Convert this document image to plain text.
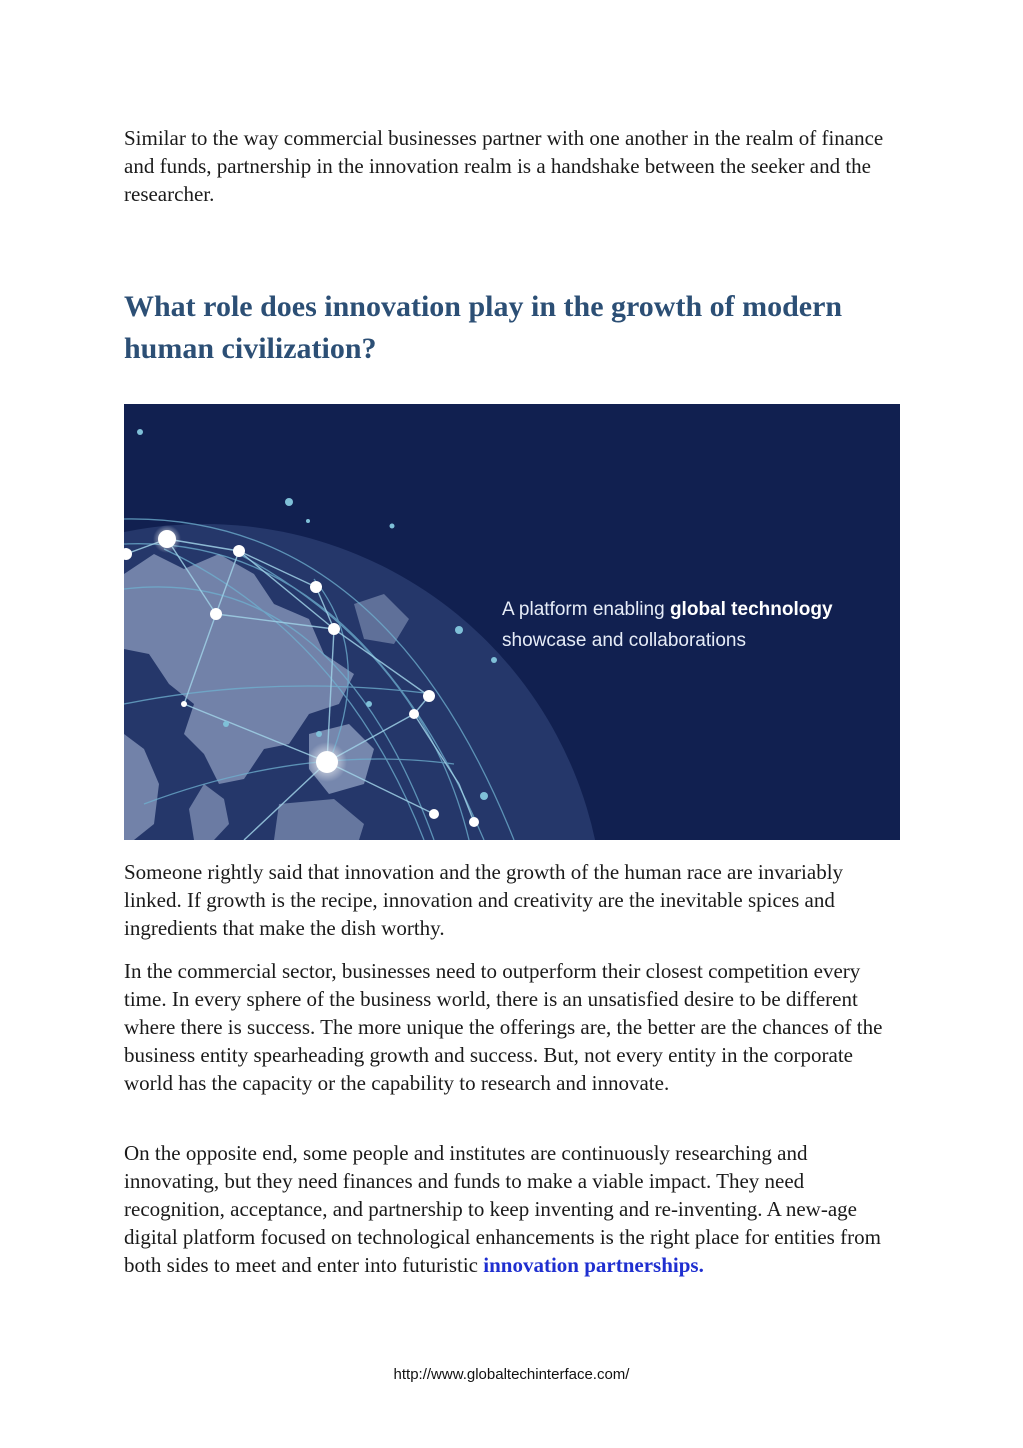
Similar to the way commercial businesses partner with one another in the realm of finance and funds, partnership in the innovation realm is a handshake between the seeker and the researcher.

What role does innovation play in the growth of modern human civilization?
A platform enabling global technology
showcase and collaborations

Someone rightly said that innovation and the growth of the human race are invariably linked. If growth is the recipe, innovation and creativity are the inevitable spices and ingredients that make the dish worthy.

In the commercial sector, businesses need to outperform their closest competition every time. In every sphere of the business world, there is an unsatisfied desire to be different where there is success. The more unique the offerings are, the better are the chances of the business entity spearheading growth and success. But, not every entity in the corporate world has the capacity or the capability to research and innovate.

On the opposite end, some people and institutes are continuously researching and innovating, but they need finances and funds to make a viable impact. They need recognition, acceptance, and partnership to keep inventing and re-inventing. A new-age digital platform focused on technological enhancements is the right place for entities from both sides to meet and enter into futuristic innovation partnerships.

http://www.globaltechinterface.com/
